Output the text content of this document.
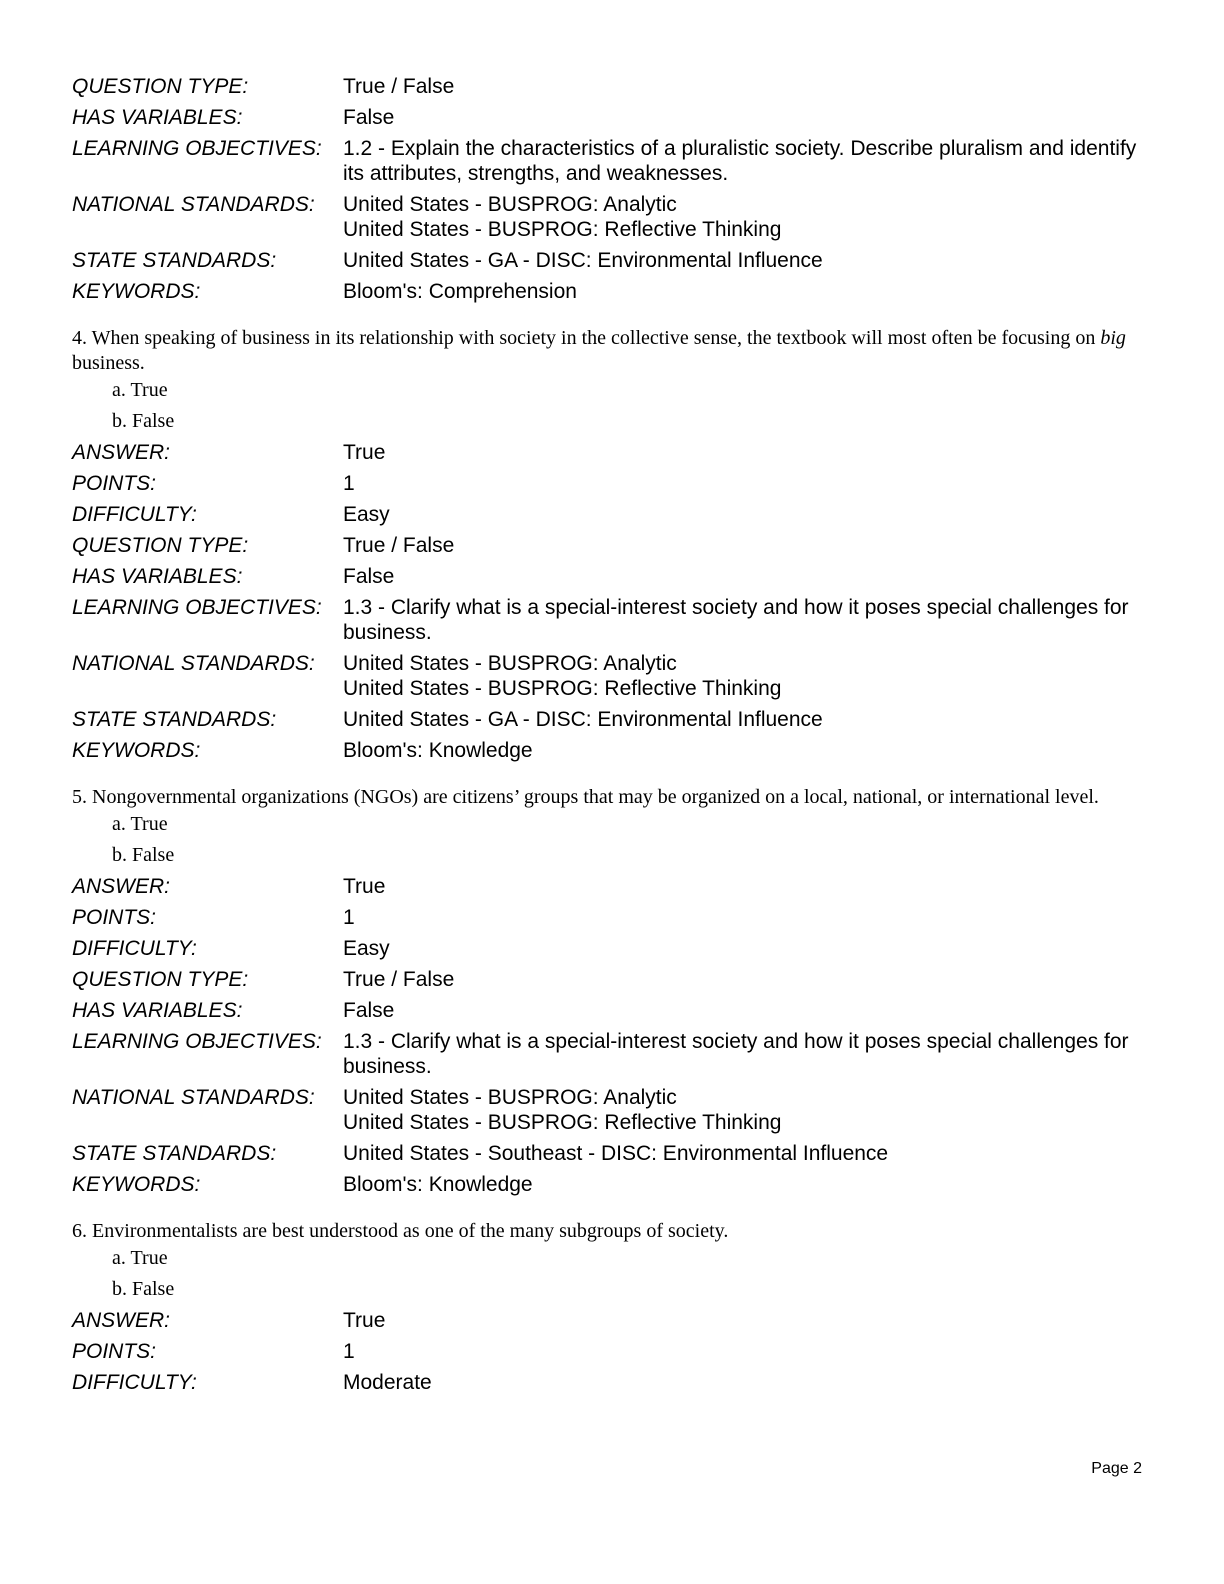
QUESTION TYPE:	True / False
HAS VARIABLES:	False
LEARNING OBJECTIVES:	1.2 - Explain the characteristics of a pluralistic society. Describe pluralism and identify its attributes, strengths, and weaknesses.
NATIONAL STANDARDS:	United States - BUSPROG: Analytic
United States - BUSPROG: Reflective Thinking
STATE STANDARDS:	United States - GA - DISC: Environmental Influence
KEYWORDS:	Bloom's: Comprehension
4. When speaking of business in its relationship with society in the collective sense, the textbook will most often be focusing on big business.
a. True
b. False
ANSWER:	True
POINTS:	1
DIFFICULTY:	Easy
QUESTION TYPE:	True / False
HAS VARIABLES:	False
LEARNING OBJECTIVES:	1.3 - Clarify what is a special-interest society and how it poses special challenges for business.
NATIONAL STANDARDS:	United States - BUSPROG: Analytic
United States - BUSPROG: Reflective Thinking
STATE STANDARDS:	United States - GA - DISC: Environmental Influence
KEYWORDS:	Bloom's: Knowledge
5. Nongovernmental organizations (NGOs) are citizens’ groups that may be organized on a local, national, or international level.
a. True
b. False
ANSWER:	True
POINTS:	1
DIFFICULTY:	Easy
QUESTION TYPE:	True / False
HAS VARIABLES:	False
LEARNING OBJECTIVES:	1.3 - Clarify what is a special-interest society and how it poses special challenges for business.
NATIONAL STANDARDS:	United States - BUSPROG: Analytic
United States - BUSPROG: Reflective Thinking
STATE STANDARDS:	United States - Southeast - DISC: Environmental Influence
KEYWORDS:	Bloom's: Knowledge
6. Environmentalists are best understood as one of the many subgroups of society.
a. True
b. False
ANSWER:	True
POINTS:	1
DIFFICULTY:	Moderate
Page 2
